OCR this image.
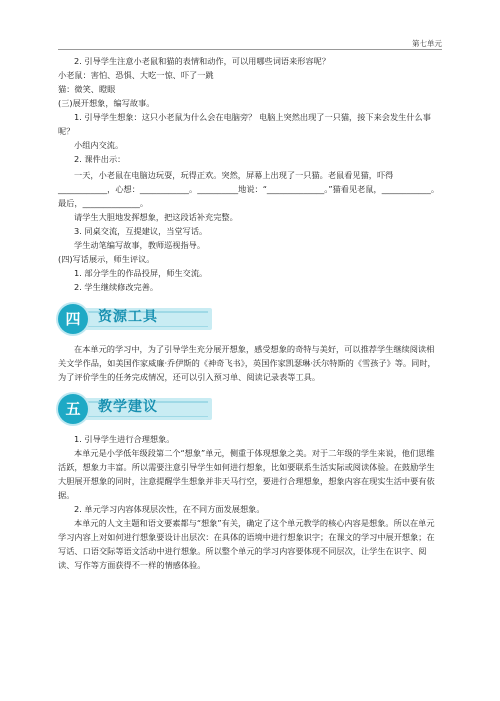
第七单元

2. 引导学生注意小老鼠和猫的表情和动作，可以用哪些词语来形容呢？

小老鼠：害怕、恐惧、大吃一惊、吓了一跳

猫：微笑、瞪眼

(三)展开想象，编写故事。

1. 引导学生想象：这只小老鼠为什么会在电脑旁？ 电脑上突然出现了一只猫，接下来会发生什么事呢？

小组内交流。

2. 课件出示：

一天，小老鼠在电脑边玩耍，玩得正欢。突然，屏幕上出现了一只猫。老鼠看见猫，吓得____________，心想：____________。__________地说：“______________。”猫看见老鼠，____________。最后，______________。

请学生大胆地发挥想象，把这段话补充完整。

3. 同桌交流，互提建议，当堂写话。

学生动笔编写故事，教师巡视指导。

(四)写话展示，师生评议。

1. 部分学生的作品投屏，师生交流。

2. 学生继续修改完善。

四	资源工具

在本单元的学习中，为了引导学生充分展开想象，感受想象的奇特与美好，可以推荐学生继续阅读相关文学作品，如美国作家威廉·乔伊斯的《神奇飞书》，英国作家凯瑟琳·沃尔特斯的《雪孩子》等。同时，为了评价学生的任务完成情况，还可以引入预习单、阅读记录表等工具。

五	教学建议

1. 引导学生进行合理想象。

本单元是小学低年级段第二个“想象”单元，侧重于体现想象之美。对于二年级的学生来说，他们思维活跃，想象力丰富。所以需要注意引导学生如何进行想象，比如要联系生活实际或阅读体验。在鼓励学生大胆展开想象的同时，注意提醒学生想象并非天马行空，要进行合理想象，想象内容在现实生活中要有依据。

2. 单元学习内容体现层次性，在不同方面发展想象。

本单元的人文主题和语文要素都与“想象”有关，确定了这个单元教学的核心内容是想象。所以在单元学习内容上对如何进行想象要设计出层次：在具体的语境中进行想象识字；在课文的学习中展开想象；在写话、口语交际等语文活动中进行想象。所以整个单元的学习内容要体现不同层次，让学生在识字、阅读、写作等方面获得不一样的情感体验。
